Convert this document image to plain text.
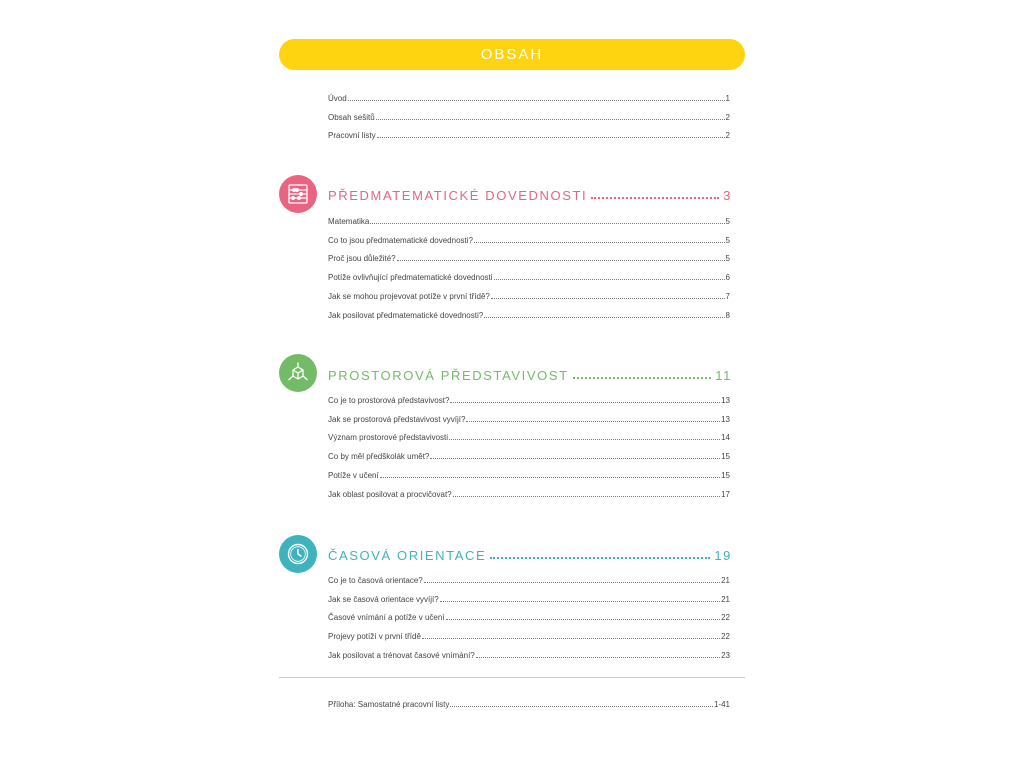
OBSAH
Úvod	1
Obsah sešitů	2
Pracovní listy	2
PŘEDMATEMATICKÉ DOVEDNOSTI	3
Matematika	5
Co to jsou předmatematické dovednosti?	5
Proč jsou důležité?	5
Potíže ovlivňující předmatematické dovednosti	6
Jak se mohou projevovat potíže v první třídě?	7
Jak posilovat předmatematické dovednosti?	8
PROSTOROVÁ PŘEDSTAVIVOST	11
Co je to prostorová představivost?	13
Jak se prostorová představivost vyvíjí?	13
Význam prostorové představivosti	14
Co by měl předškolák umět?	15
Potíže v učení	15
Jak oblast posilovat a procvičovat?	17
ČASOVÁ ORIENTACE	19
Co je to časová orientace?	21
Jak se časová orientace vyvíjí?	21
Časové vnímání a potíže v učení	22
Projevy potíží v první třídě	22
Jak posilovat a trénovat časové vnímání?	23
Příloha: Samostatné pracovní listy	1-41
